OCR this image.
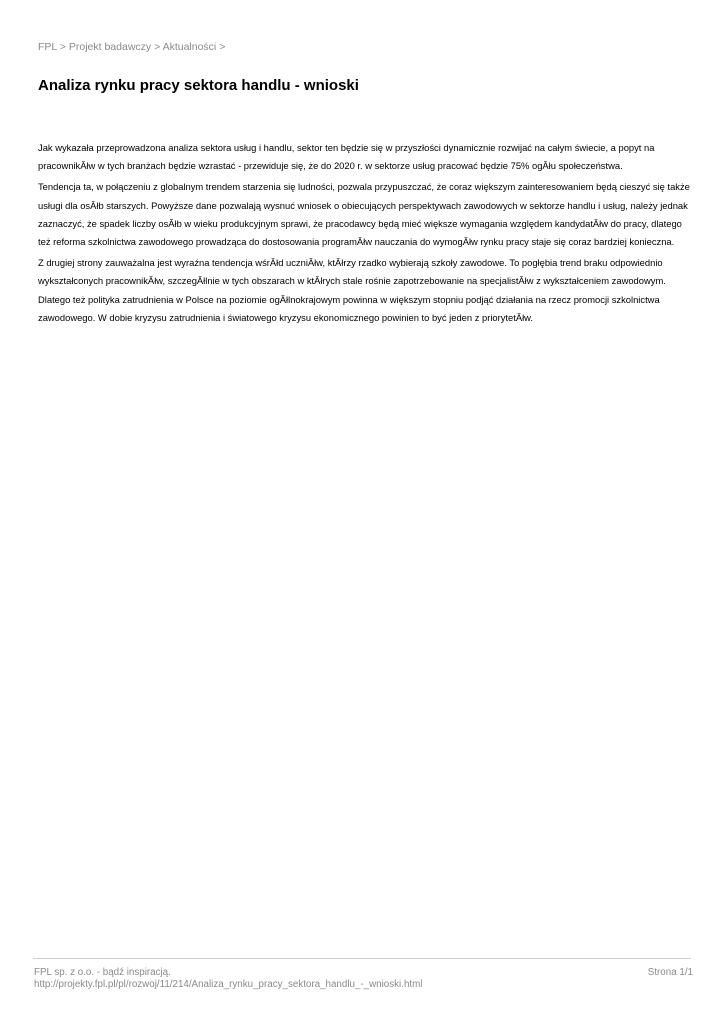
FPL > Projekt badawczy > Aktualności >
Analiza rynku pracy sektora handlu - wnioski

Jak wykazała przeprowadzona analiza sektora usług i handlu, sektor ten będzie się w przyszłości dynamicznie rozwijać na całym świecie, a popyt na pracownikĂłw w tych branżach będzie wzrastać - przewiduje się, że do 2020 r. w sektorze usług pracować będzie 75% ogĂłu społeczeństwa.

Tendencja ta, w połączeniu z globalnym trendem starzenia się ludności, pozwala przypuszczać, że coraz większym zainteresowaniem będą cieszyć się także usługi dla osĂłb starszych. Powyższe dane pozwalają wysnuć wniosek o obiecujących perspektywach zawodowych w sektorze handlu i usług, należy jednak zaznaczyć, że spadek liczby osĂłb w wieku produkcyjnym sprawi, że pracodawcy będą mieć większe wymagania względem kandydatĂłw do pracy, dlatego też reforma szkolnictwa zawodowego prowadząca do dostosowania programĂłw nauczania do wymogĂłw rynku pracy staje się coraz bardziej konieczna.

Z drugiej strony zauważalna jest wyraźna tendencja wśrĂłd uczniĂłw, ktĂłrzy rzadko wybierają szkoły zawodowe. To pogłębia trend braku odpowiednio wykształconych pracownikĂłw, szczegĂłlnie w tych obszarach w ktĂłrych stale rośnie zapotrzebowanie na specjalistĂłw z wykształceniem zawodowym. Dlatego też polityka zatrudnienia w Polsce na poziomie ogĂłlnokrajowym powinna w większym stopniu podjąć działania na rzecz promocji szkolnictwa zawodowego. W dobie kryzysu zatrudnienia i światowego kryzysu ekonomicznego powinien to być jeden z priorytetĂłw.

FPL sp. z o.o. - bądź inspiracją.
http://projekty.fpl.pl/pl/rozwoj/11/214/Analiza_rynku_pracy_sektora_handlu_-_wnioski.html
Strona 1/1
